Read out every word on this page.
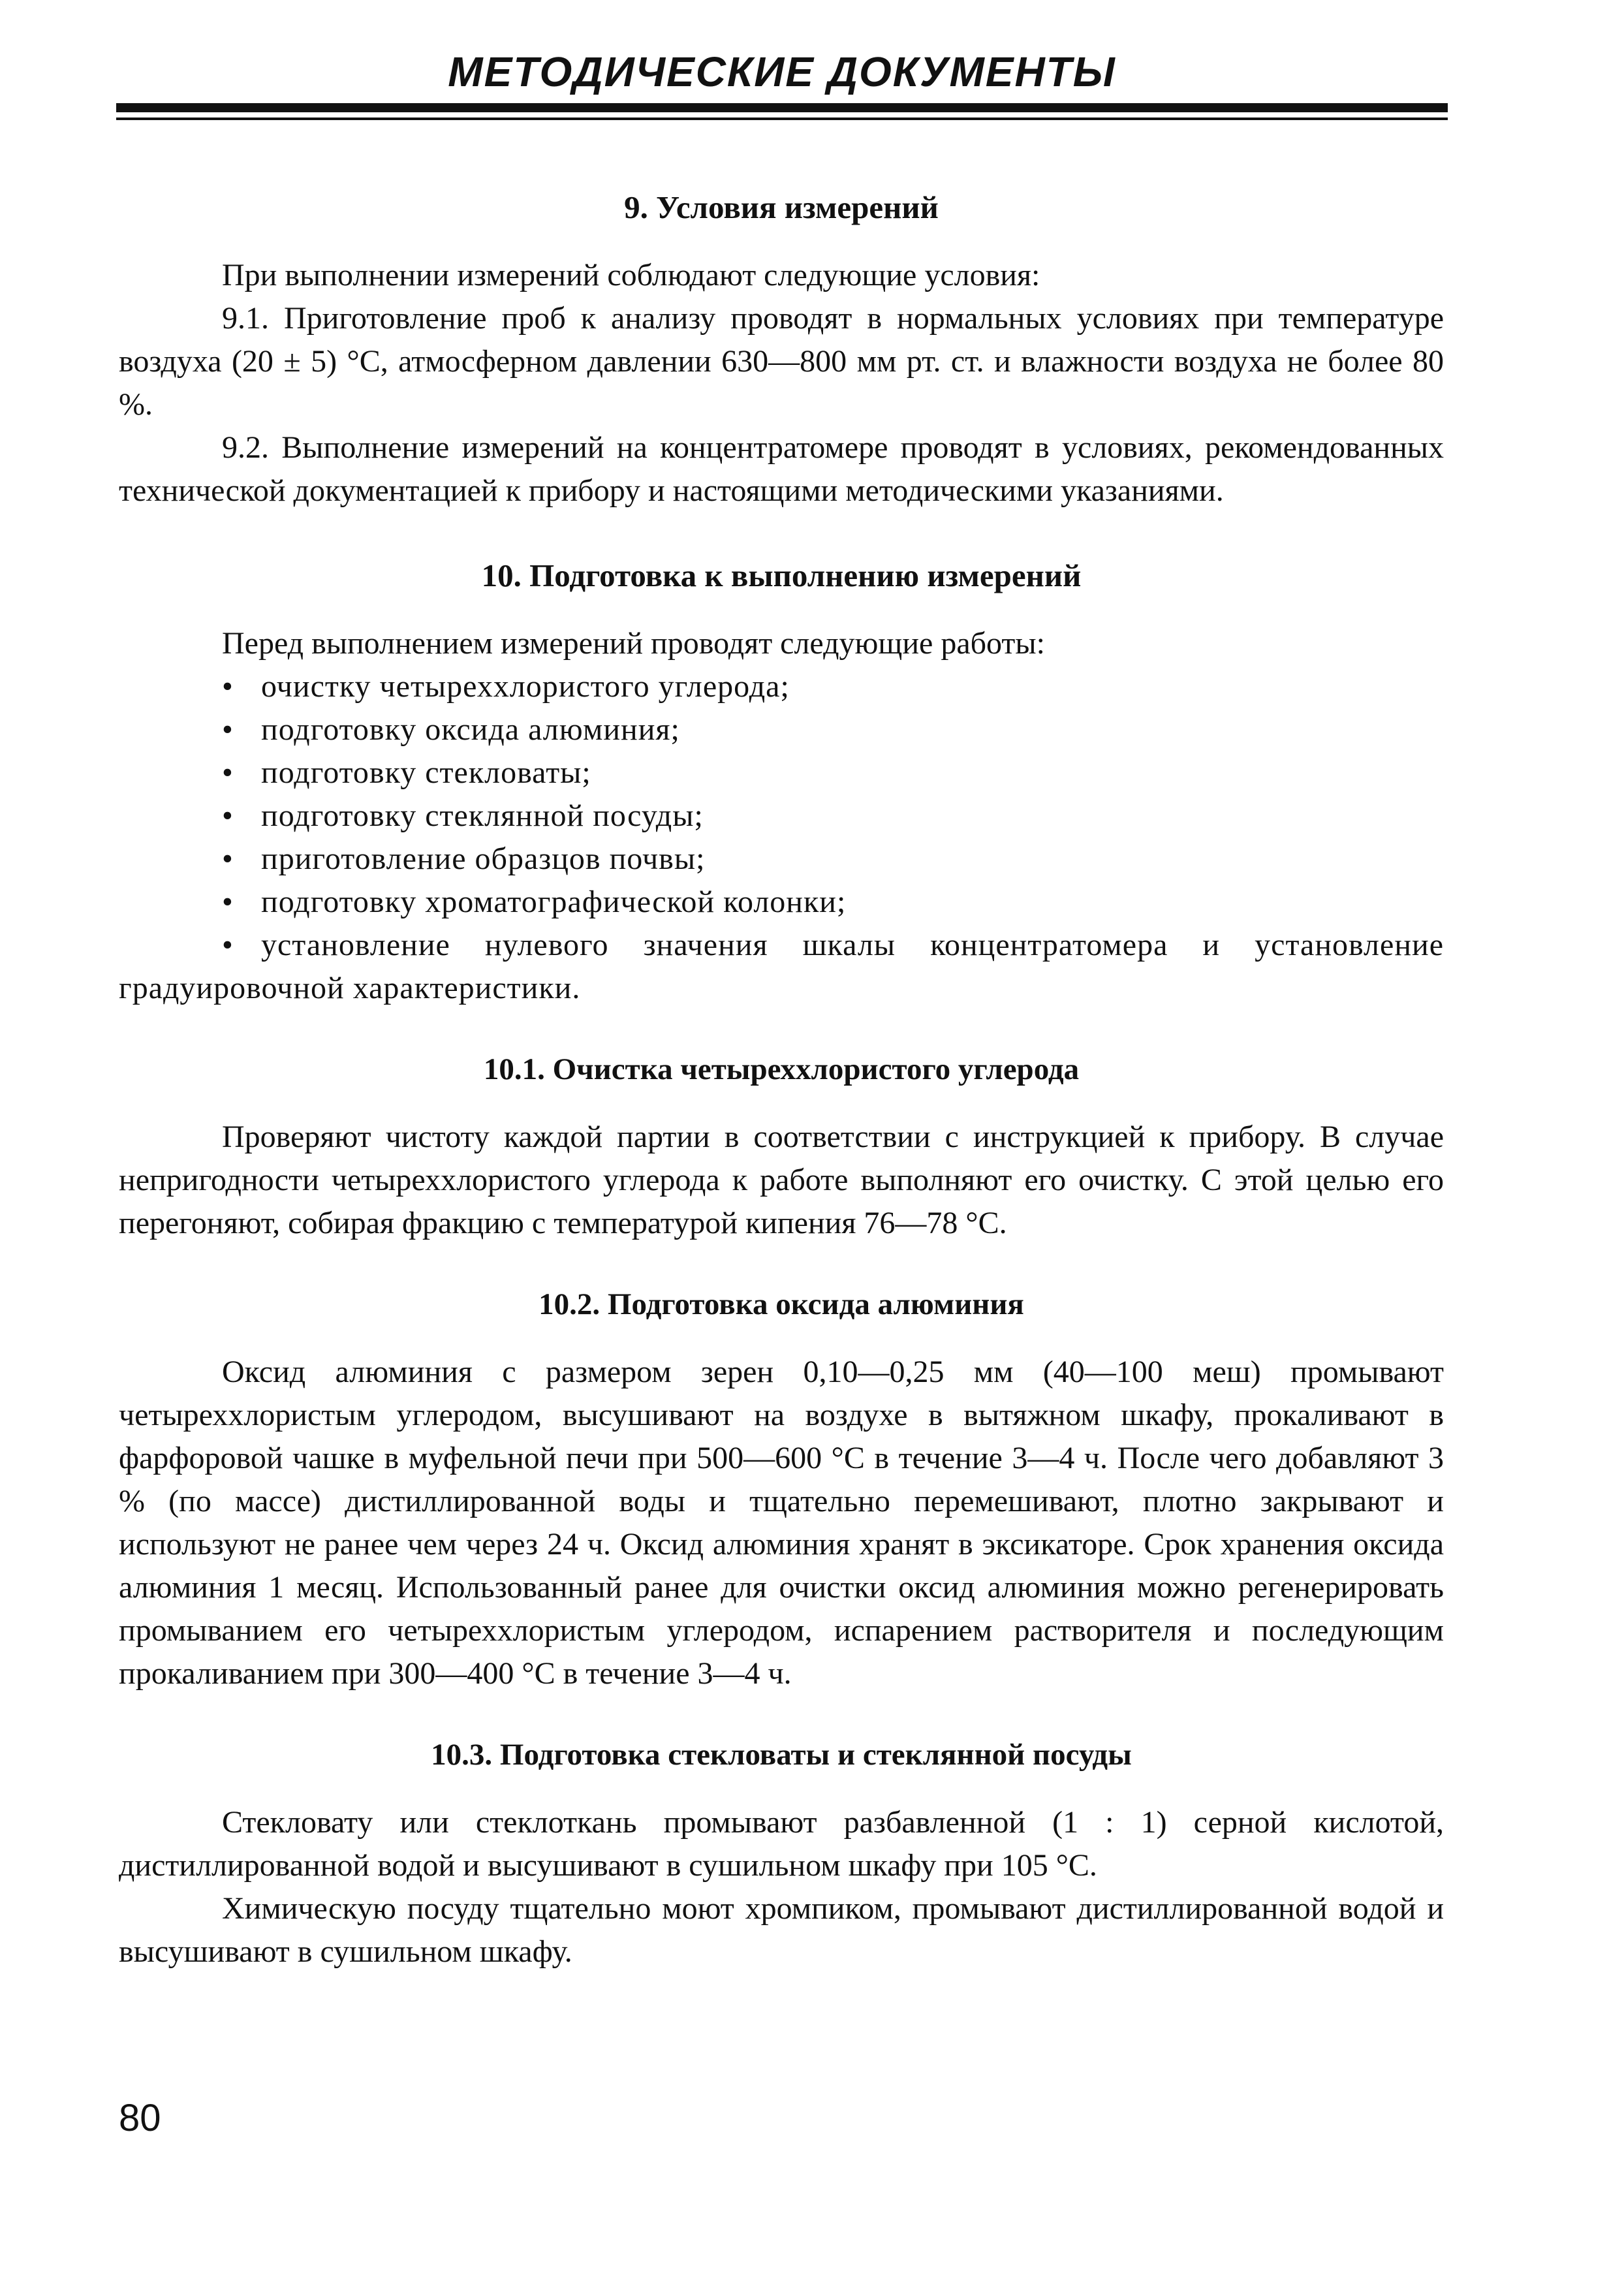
МЕТОДИЧЕСКИЕ ДОКУМЕНТЫ
9. Условия измерений

При выполнении измерений соблюдают следующие условия:

9.1. Приготовление проб к анализу проводят в нормальных условиях при температуре воздуха (20 ± 5) °С, атмосферном давлении 630—800 мм рт. ст. и влажности воздуха не более 80 %.

9.2. Выполнение измерений на концентратомере проводят в условиях, рекомендованных технической документацией к прибору и настоящими методическими указаниями.

10. Подготовка к выполнению измерений

Перед выполнением измерений проводят следующие работы:

• очистку четыреххлористого углерода;
• подготовку оксида алюминия;
• подготовку стекловаты;
• подготовку стеклянной посуды;
• приготовление образцов почвы;
• подготовку хроматографической колонки;
• установление нулевого значения шкалы концентратомера и установление градуировочной характеристики.
10.1. Очистка четыреххлористого углерода

Проверяют чистоту каждой партии в соответствии с инструкцией к прибору. В случае непригодности четыреххлористого углерода к работе выполняют его очистку. С этой целью его перегоняют, собирая фракцию с температурой кипения 76—78 °С.

10.2. Подготовка оксида алюминия

Оксид алюминия с размером зерен 0,10—0,25 мм (40—100 меш) промывают четыреххлористым углеродом, высушивают на воздухе в вытяжном шкафу, прокаливают в фарфоровой чашке в муфельной печи при 500—600 °С в течение 3—4 ч. После чего добавляют 3 % (по массе) дистиллированной воды и тщательно перемешивают, плотно закрывают и используют не ранее чем через 24 ч. Оксид алюминия хранят в эксикаторе. Срок хранения оксида алюминия 1 месяц. Использованный ранее для очистки оксид алюминия можно регенерировать промыванием его четыреххлористым углеродом, испарением растворителя и последующим прокаливанием при 300—400 °С в течение 3—4 ч.

10.3. Подготовка стекловаты и стеклянной посуды

Стекловату или стеклоткань промывают разбавленной (1 : 1) серной кислотой, дистиллированной водой и высушивают в сушильном шкафу при 105 °С.

Химическую посуду тщательно моют хромпиком, промывают дистиллированной водой и высушивают в сушильном шкафу.

80
